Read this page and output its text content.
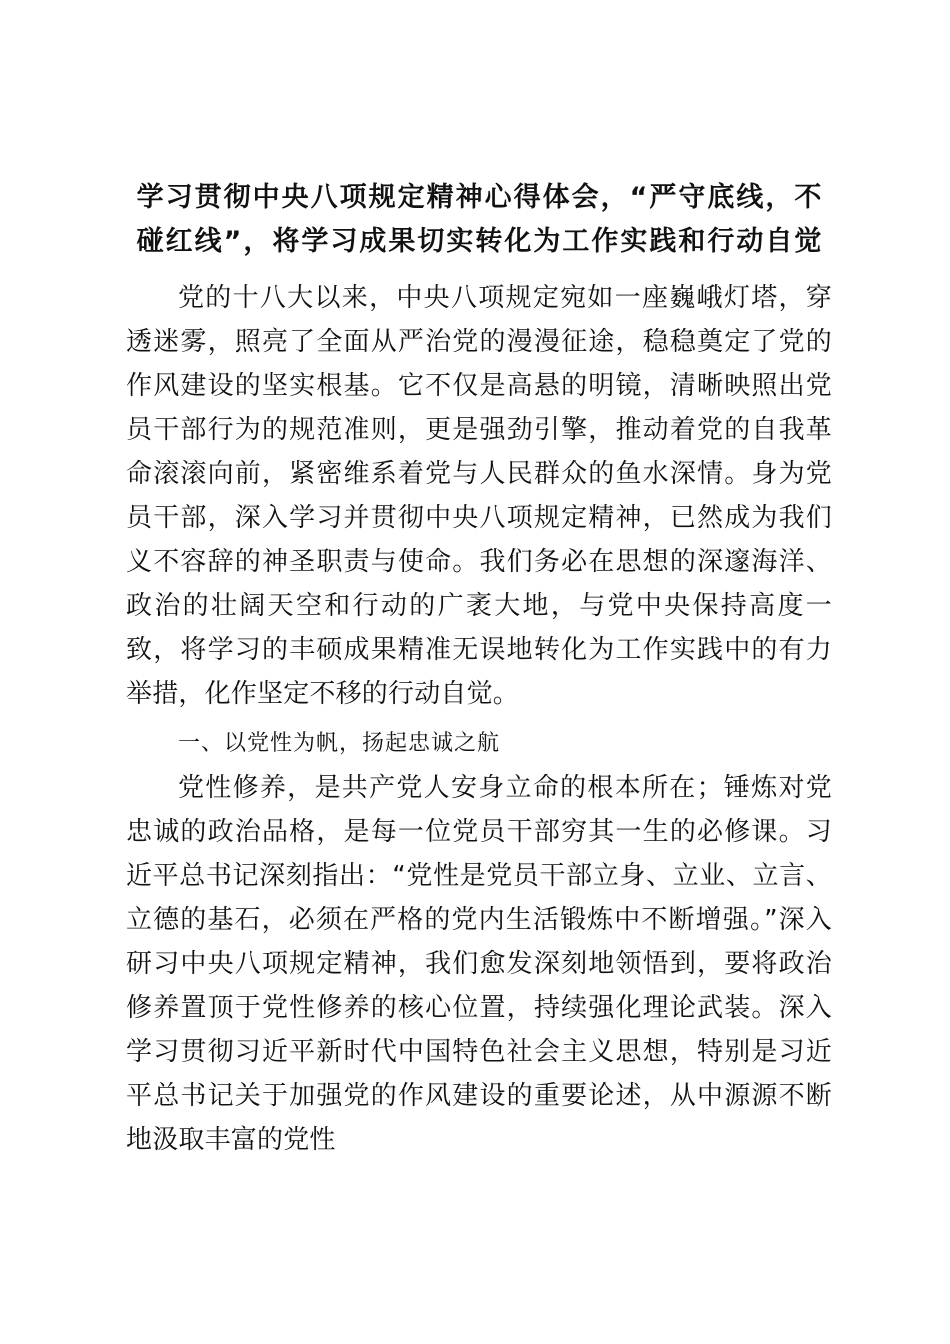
学习贯彻中央八项规定精神心得体会，“严守底线，不
碰红线”，将学习成果切实转化为工作实践和行动自觉

党的十八大以来，中央八项规定宛如一座巍峨灯塔，穿透迷雾，照亮了全面从严治党的漫漫征途，稳稳奠定了党的作风建设的坚实根基。它不仅是高悬的明镜，清晰映照出党员干部行为的规范准则，更是强劲引擎，推动着党的自我革命滚滚向前，紧密维系着党与人民群众的鱼水深情。身为党员干部，深入学习并贯彻中央八项规定精神，已然成为我们义不容辞的神圣职责与使命。我们务必在思想的深邃海洋、政治的壮阔天空和行动的广袤大地，与党中央保持高度一致，将学习的丰硕成果精准无误地转化为工作实践中的有力举措，化作坚定不移的行动自觉。

一、以党性为帆，扬起忠诚之航

党性修养，是共产党人安身立命的根本所在；锤炼对党忠诚的政治品格，是每一位党员干部穷其一生的必修课。习近平总书记深刻指出：“党性是党员干部立身、立业、立言、立德的基石，必须在严格的党内生活锻炼中不断增强。”深入研习中央八项规定精神，我们愈发深刻地领悟到，要将政治修养置顶于党性修养的核心位置，持续强化理论武装。深入学习贯彻习近平新时代中国特色社会主义思想，特别是习近平总书记关于加强党的作风建设的重要论述，从中源源不断地汲取丰富的党性
